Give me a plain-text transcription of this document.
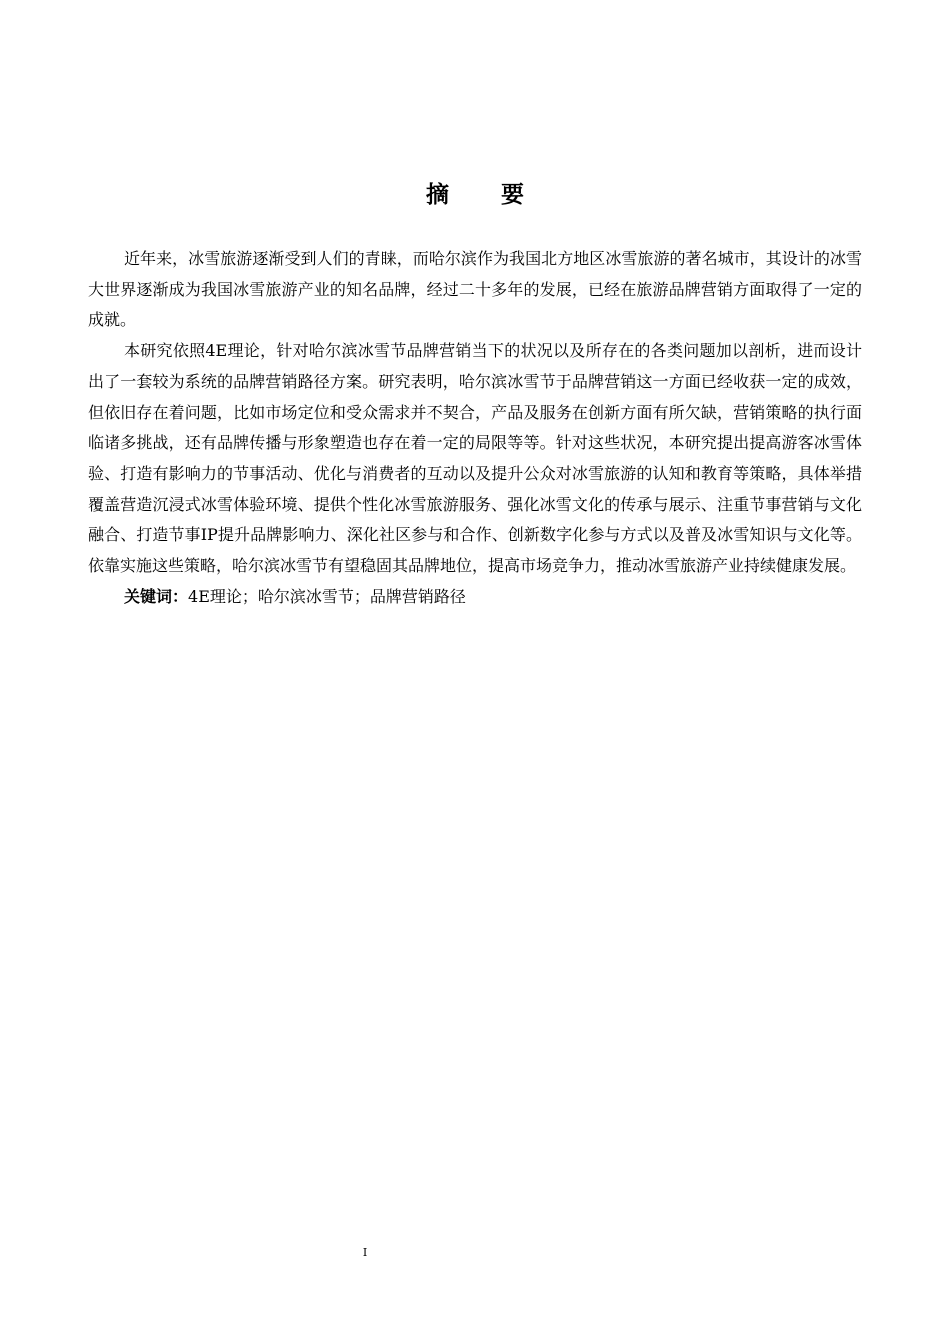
摘要

近年来，冰雪旅游逐渐受到人们的青睐，而哈尔滨作为我国北方地区冰雪旅游的著名城市，其设计的冰雪大世界逐渐成为我国冰雪旅游产业的知名品牌，经过二十多年的发展，已经在旅游品牌营销方面取得了一定的成就。

本研究依照4E理论，针对哈尔滨冰雪节品牌营销当下的状况以及所存在的各类问题加以剖析，进而设计出了一套较为系统的品牌营销路径方案。研究表明，哈尔滨冰雪节于品牌营销这一方面已经收获一定的成效，但依旧存在着问题，比如市场定位和受众需求并不契合，产品及服务在创新方面有所欠缺，营销策略的执行面临诸多挑战，还有品牌传播与形象塑造也存在着一定的局限等等。针对这些状况，本研究提出提高游客冰雪体验、打造有影响力的节事活动、优化与消费者的互动以及提升公众对冰雪旅游的认知和教育等策略，具体举措覆盖营造沉浸式冰雪体验环境、提供个性化冰雪旅游服务、强化冰雪文化的传承与展示、注重节事营销与文化融合、打造节事IP提升品牌影响力、深化社区参与和合作、创新数字化参与方式以及普及冰雪知识与文化等。依靠实施这些策略，哈尔滨冰雪节有望稳固其品牌地位，提高市场竞争力，推动冰雪旅游产业持续健康发展。

关键词：4E理论；哈尔滨冰雪节；品牌营销路径

I
